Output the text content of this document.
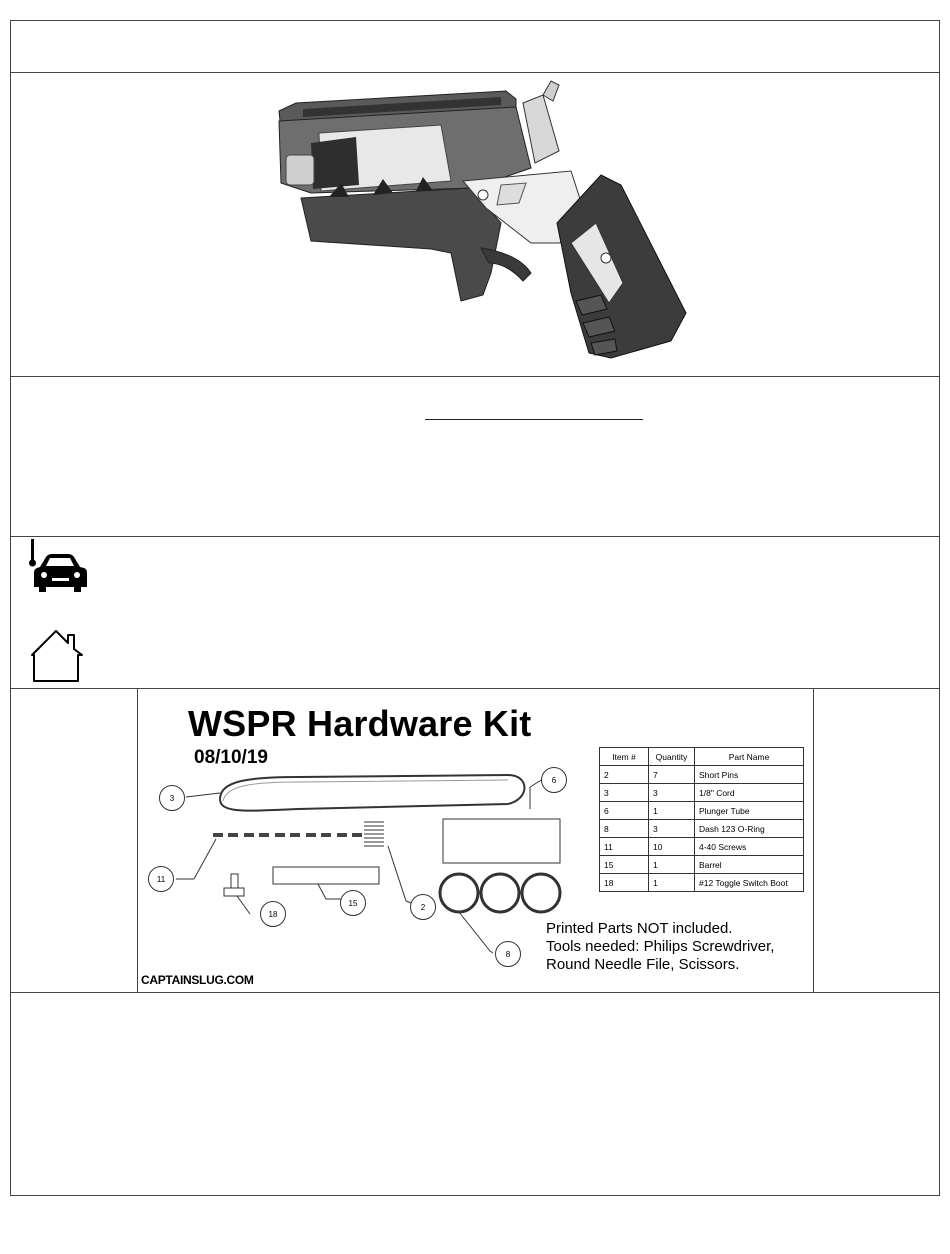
WSPR Hardware Kit
08/10/19
3
6
11
18
15	2
8
Item #	Quantity	Part Name
2	7	Short Pins
3	3	1/8" Cord
6	1	Plunger Tube
8	3	Dash 123 O-Ring
11	10	4-40 Screws
15	1	Barrel
18	1	#12 Toggle Switch Boot
Printed Parts NOT included.
Tools needed: Philips Screwdriver,
Round Needle File, Scissors.
CAPTAINSLUG.COM
